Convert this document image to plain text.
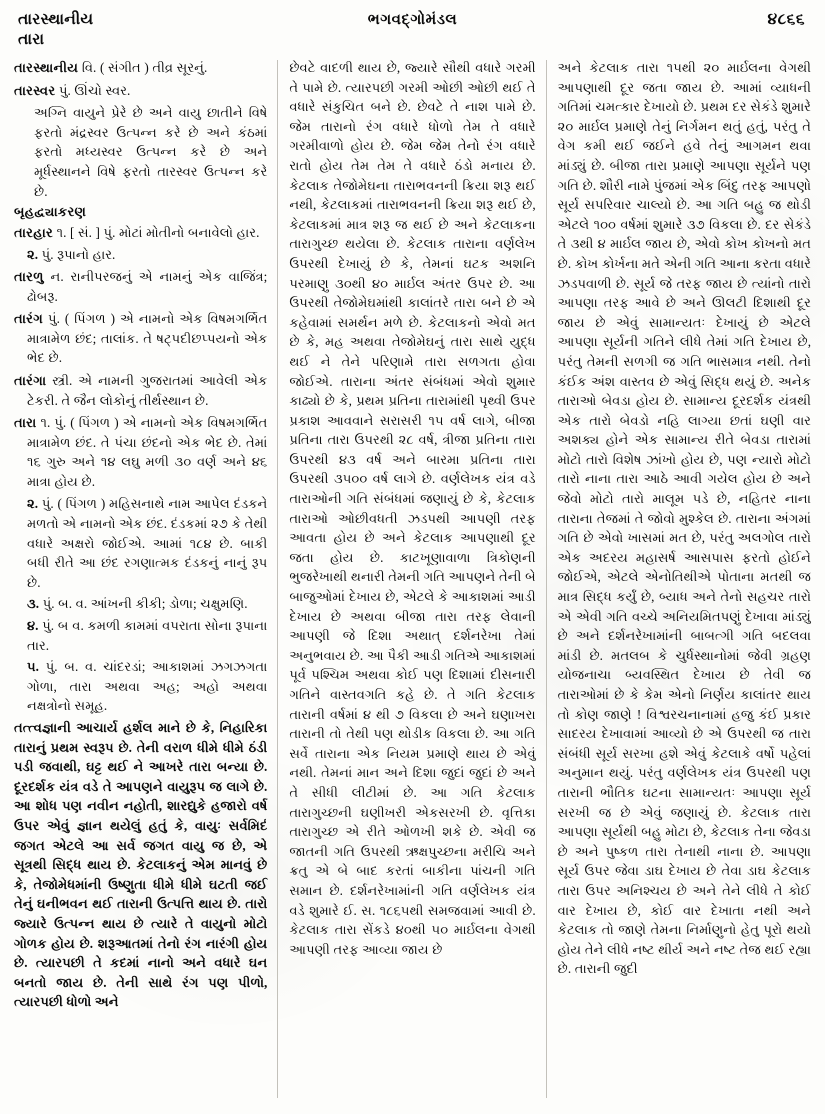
તારસ્થાનીય
તારા
ભગવદ્ગોમંડલ	૪૮૬૬

તારસ્થાનીય વિ. ( સંગીત ) તીવ્ર સૂરનું.

તારસ્વર પું. ઊંચો સ્વર.

અગ્નિ વાયુને પ્રેરે છે અને વાયુ છાતીને વિષે ફરતો મંદ્રસ્વર ઉત્પન્ન કરે છે અને કંઠમાં ફરતો મધ્યસ્વર ઉત્પન્ન કરે છે અને મૂર્ધસ્થાનને વિષે ફરતો તારસ્વર ઉત્પન્ન કરે છે.

બૃહદ્વ્યાકરણ

તારહાર ૧. [ સં. ] પું. મોટાં મોતીનો બનાવેલો હાર.

૨. પું. રૂપાનો હાર.

તારળુ ન. રાનીપરજનું એ નામનું એક વાજિંત્ર; ઢોબરૂ.

તારંગ પું. ( પિંગળ ) એ નામનો એક વિષમગર્ભિત માત્રામેળ છંદ; તાલાંક. તે ષટ્પદીછપ્પયનો એક ભેદ છે.

તારંગા સ્ત્રી. એ નામની ગુજરાતમાં આવેલી એક ટેકરી. તે જૈન લોકોનું તીર્થસ્થાન છે.

તારા ૧. પું. ( પિંગળ ) એ નામનો એક વિષમગર્ભિત માત્રામેળ છંદ. તે પંચા છંદનો એક ભેદ છે. તેમાં ૧૬ ગુરુ અને ૧૪ લઘુ મળી ૩૦ વર્ણ અને ૪૬ માત્રા હોય છે.

૨. પું. ( પિંગળ ) મહિસનાથે નામ આપેલ દંડકને મળતો એ નામનો એક છંદ. દંડકમાં ૨૭ કે તેથી વધારે અક્ષરો જોઈએ. આમાં ૧૮૪ છે. બાકી બધી રીતે આ છંદ રગણાત્મક દંડકનું નાનું રૂપ છે.

૩. પું. બ. વ. આંખની કીકી; ડોળા; ચક્ષુમણિ.

૪. પું. બ વ. કમળી કામમાં વપરાતા સોના રૂપાના તાર.

૫. પું. બ. વ. ચાંદરડાં; આકાશમાં ઝગઝગતા ગોળા, તારા અથવા અહ; અહો અથવા નક્ષત્રોનો સમૂહ.

તત્ત્વજ્ઞાની આચાર્ય હર્શલ માને છે કે, નિહારિકા તારાનું પ્રથમ સ્વરૂપ છે. તેની વરાળ ધીમે ધીમે ઠંડી પડી જવાથી, ઘટ્ટ થઈ ને આખરે તારા બન્યા છે. દૂરદર્શક યંત્ર વડે તે આપણને વાયુરૂપ જ લાગે છે. આ શોધ પણ નવીન નહોતી, શારદ્યુકે હજારો વર્ષ ઉપર એવું જ્ઞાન થયેલું હતું કે, વાયુઃ સર્વમિદં જગત એટલે આ સર્વ જગત વાયુ જ છે, એ સૂત્રથી સિદ્ધ થાય છે. કેટલાકનું એમ માનવું છે કે, તેજોમેધમાંની ઉષ્ણુતા ધીમે ધીમે ઘટતી જઈ તેનું ઘનીભવન થઈ તારાની ઉત્પત્તિ થાય છે. તારો જ્યારે ઉત્પન્ન થાય છે ત્યારે તે વાયુનો મોટો ગોળક હોય છે. શરૂઆતમાં તેનો રંગ નારંગી હોય છે. ત્યારપછી તે કદમાં નાનો અને વધારે ઘન બનતો જાય છે. તેની સાથે રંગ પણ પીળો, ત્યારપછી ધોળો અને

છેવટે વાદળી થાય છે, જ્યારે સૌથી વધારે ગરમી તે પામે છે. ત્યારપછી ગરમી ઓછી ઓછી થઈ તે વધારે સંકુચિત બને છે. છેવટે તે નાશ પામે છે. જેમ તારાનો રંગ વધારે ધોળો તેમ તે વધારે ગરમીવાળો હોય છે. જેમ જેમ તેનો રંગ વધારે રાતો હોય તેમ તેમ તે વધારે ઠંડો મનાય છે. કેટલાક તેજોમેઘના તારાભવનની ક્રિયા શરૂ થઈ નથી, કેટલાકમાં તારાભવનની ક્રિયા શરૂ થઈ છે, કેટલાકમાં માત્ર શરૂ જ થઈ છે અને કેટલાકના તારાગુચ્છ થયેલા છે. કેટલાક તારાના વર્ણલેખ ઉપરથી દેખાયું છે કે, તેમનાં ઘટક અશનિ પરમાણુ ૩૦થી ૪૦ માર્ઇલ અંતર ઉપર છે. આ ઉપરથી તેજોમેઘમાંથી કાલાંતરે તારા બને છે એ કહેવામાં સમર્થન મળે છે. કેટલાકનો એવો મત છે કે, મહ અથવા તેજોમેઘનું તારા સાથે યુદ્ધ થઈ ને તેને પરિણામે તારા સળગતા હોવા જોઈએ. તારાના અંતર સંબંધમાં એવો શુમાર કાઢ્યો છે કે, પ્રથમ પ્રતિના તારામાંથી પૃથ્વી ઉપર પ્રકાશ આવવાને સરાસરી ૧૫ વર્ષ લાગે, બીજા પ્રતિના તારા ઉપરથી ૨૮ વર્ષ, ત્રીજા પ્રતિના તારા ઉપરથી ૪૩ વર્ષ અને બારમા પ્રતિના તારા ઉપરથી ૩૫૦૦ વર્ષ લાગે છે. વર્ણલેખક યંત્ર વડે તારાઓની ગતિ સંબંધમાં જણાયું છે કે, કેટલાક તારાઓ ઓછીવધતી ઝડપથી આપણી તરફ આવતા હોય છે અને કેટલાક આપણાથી દૂર જતા હોય છે. કાટખૂણાવાળા ત્રિકોણની ભુજરેખાથી થનારી તેમની ગતિ આપણને તેની બે બાજુઓમાં દેખાય છે, એટલે કે આકાશમાં આડી દેખાય છે અથવા બીજા તારા તરફ લેવાની આપણી જે દિશા અથાત્ દર્શનરેખા તેમાં અનુભવાય છે. આ પૈકી આડી ગતિએ આકાશમાં પૂર્વ પશ્ચિમ અથવા કોઈ પણ દિશામાં દીસનારી ગતિને વાસ્તવગતિ કહે છે. તે ગતિ કેટલાક તારાની વર્ષમાં ૪ થી ૭ વિકલા છે અને ઘણાખરા તારાની તો તેથી પણ થોડીક વિકલા છે. આ ગતિ સર્વે તારાના એક નિયમ પ્રમાણે થાય છે એવું નથી. તેમનાં માન અને દિશા જુદાં જુદાં છે અને તે સીધી લીટીમાં છે. આ ગતિ કેટલાક તારાગુચ્છની ઘણીખરી એકસરખી છે. વૃત્તિકા તારાગુચ્છ એ રીતે ઓળખી શકે છે. એવી જ જાતની ગતિ ઉપરથી ઋક્ષપુચ્છના મરીચિ અને ક્રતુ એ બે બાદ કરતાં બાકીના પાંચની ગતિ સમાન છે. દર્શનરેખામાંની ગતિ વર્ણલેખક યંત્ર વડે શુમારે ઈ. સ. ૧૮૬૫થી સમજવામાં આવી છે. કેટલાક તારા સેંકડે ૪૦થી ૫૦ માર્ઇલના વેગથી આપણી તરફ આવ્યા જાય છે

અને કેટલાક તારા ૧૫થી ૨૦ માર્ઇલના વેગથી આપણાથી દૂર જતા જાય છે. આમાં વ્યાધની ગતિમાં ચમત્કાર દેખાયો છે. પ્રથમ દર સેકંડે શુમારે ૨૦ માર્ઇલ પ્રમાણે તેનું નિર્ગમન થતું હતું, પરંતુ તે વેગ કમી થઈ જઈને હવે તેનું આગમન થવા માંડ્યું છે. બીજા તારા પ્રમાણે આપણા સૂર્યને પણ ગતિ છે. શૌરી નામે પુંજમાં એક બિંદુ તરફ આપણો સૂર્ય સપરિવાર ચાલ્યો છે. આ ગતિ બહુ જ થોડી એટલે ૧૦૦ વર્ષમાં શુમારે ૩૭ વિકલા છે. દર સેકંડે તે ૩થી ૪ માર્ઇલ જાય છે, એવો કોખ કોખનો મત છે. કોખ કોર્ખના મતે એની ગતિ આના કરતા વધારે ઝડપવાળી છે. સૂર્ય જે તરફ જાય છે ત્યાંનો તારો આપણા તરફ આવે છે અને ઊલટી દિશાથી દૂર જાય છે એવું સામાન્યતઃ દેખાયું છે એટલે આપણા સૂર્યની ગતિને લીધે તેમાં ગતિ દેખાય છે, પરંતુ તેમની સળગી જ ગતિ ભાસમાત્ર નથી. તેનો કંઈક અંશ વાસ્તવ છે એવું સિદ્ધ થયું છે. અનેક તારાઓ બેવડા હોય છે. સામાન્ય દૂરદર્શક યંત્રથી એક તારો બેવડો નહિ લાગ્યા છતાં ઘણી વાર અશક્ય હોને એક સામાન્ય રીતે બેવડા તારામાં મોટો તારો વિશેષ ઝાંખો હોય છે, પણ ન્યારો મોટો તારો નાના તારા આઠે આવી ગયેલ હોય છે અને જેવો મોટો તારો માલૂમ પડે છે, નહિતર નાના તારાના તેજમાં તે જોવો મુશ્કેલ છે. તારાના અંગમાં ગતિ છે એવો ખાસમાં મત છે, પરંતુ અલગોલ તારો એક અદરય મહાસર્ષ આસપાસ ફરતો હોઈને જોઈએ, એટલે એનોતિથીએ પોતાના મતથી જ માત્ર સિદ્ધ કર્યું છે, બ્યાધ અને તેનો સહચર તારો એ એવી ગતિ વચ્ચે અનિયમિતપણું દેખાવા માંડ્યું છે અને દર્શનરેખામાંની બાબત્ગી ગતિ બદલવા માંડી છે. મતલબ કે ચુર્ધસ્થાનોમાં જેવી ગ્રહણ યોજનાચા બ્યવસ્થિત દેખાય છે તેવી જ તારાઓમાં છે કે કેમ એનો નિર્ણય કાલાંતર થાય તો કોણ જાણે ! વિશ્વરચનાનામાં હજુ કંઈ પ્રકાર સાદરય દેખાવામાં આવ્યો છે એ ઉપરથી જ તારા સંબંધી સૂર્ય સરખા હશે એવું કેટલાકે વર્ષો પહેલાં અનુમાન થયું. પરંતુ વર્ણલેખક યંત્ર ઉપરથી પણ તારાની ભૌતિક ઘટના સામાન્યતઃ આપણા સૂર્ય સરખી જ છે એવું જણાયું છે. કેટલાક તારા આપણા સૂર્યથી બહુ મોટા છે, કેટલાક તેના જેવડા છે અને પુષ્કળ તારા તેનાથી નાના છે. આપણા સૂર્ય ઉપર જેવા ડાઘ દેખાય છે તેવા ડાઘ કેટલાક તારા ઉપર અનિશ્ચય છે અને તેને લીધે તે કોઈ વાર દેખાય છે, કોઈ વાર દેખાતા નથી અને કેટલાક તો જાણે તેમના નિર્માણુનો હેતુ પૂરો થયો હોય તેને લીધે નષ્ટ થીર્ય અને નષ્ટ તેજ થઈ રહ્યા છે. તારાની જુદી
